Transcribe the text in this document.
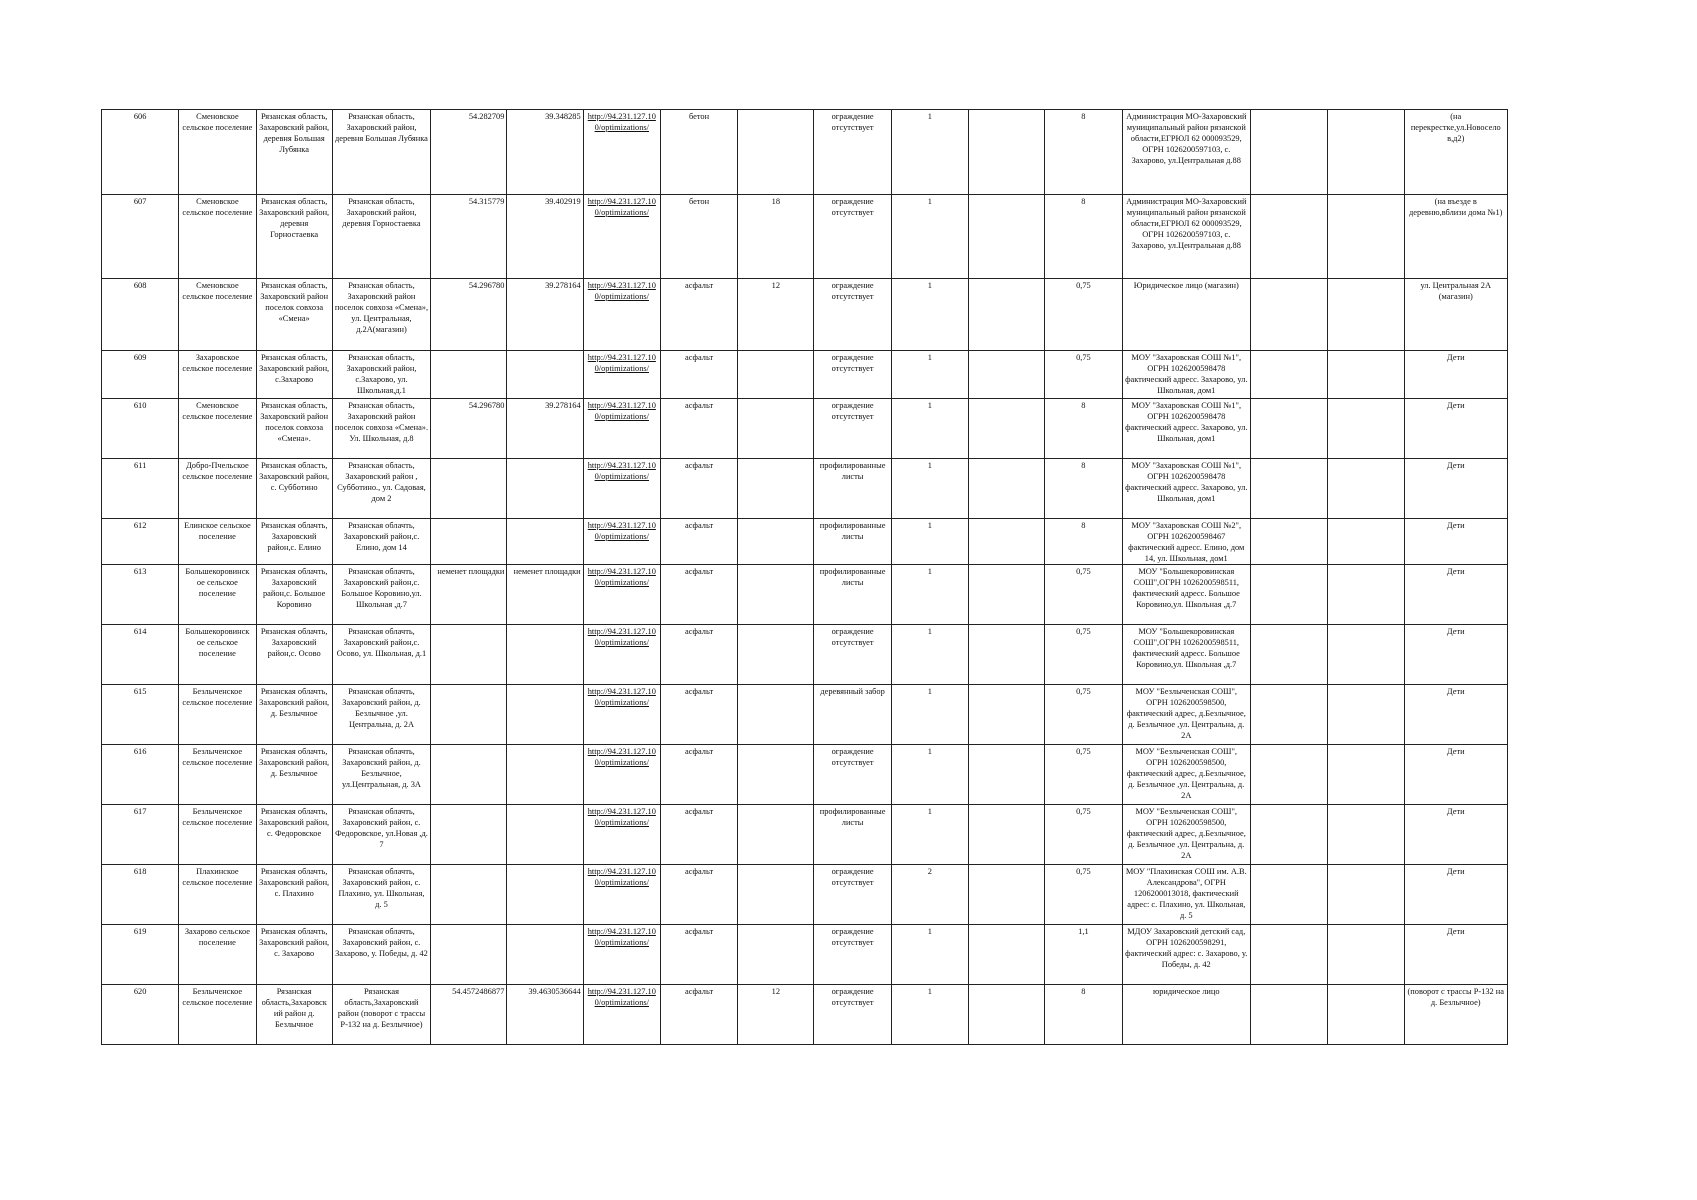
606	Сменовское сельское поселение	Рязанская область, Захаровский район, деревня Большая Лубянка	Рязанская область, Захаровский район, деревня Большая Лубянка	54.282709	39.348285	http://94.231.127.100/optimizations/	бетон		ограждение отсутствует	1		8	Администрация МО-Захаровский муниципальный район рязанской области,ЕГРЮЛ 62 000093529, ОГРН 1026200597103, с. Захарово, ул.Центральная д.88			(на перекрестке,ул.Новосело в,д2)
607	Сменовское сельское поселение	Рязанская область, Захаровский район, деревня Горностаевка	Рязанская область, Захаровский район, деревня Горностаевка	54.315779	39.402919	http://94.231.127.100/optimizations/	бетон	18	ограждение отсутствует	1		8	Администрация МО-Захаровский муниципальный район рязанской области,ЕГРЮЛ 62 000093529, ОГРН 1026200597103, с. Захарово, ул.Центральная д.88			(на въезде в деревню,вблизи дома №1)
608	Сменовское сельское поселение	Рязанская область, Захаровский район поселок совхоза «Смена»	Рязанская область, Захаровский район поселок совхоза «Смена», ул. Центральная, д.2А(магазин)	54.296780	39.278164	http://94.231.127.100/optimizations/	асфальт	12	ограждение отсутствует	1		0,75	Юридическое лицо (магазин)			ул. Центральная 2А (магазин)
609	Захаровское сельское поселение	Рязанская область, Захаровский район, с.Захарово	Рязанская область, Захаровский район, с.Захарово, ул. Школьная,д.1			http://94.231.127.100/optimizations/	асфальт		ограждение отсутствует	1		0,75	МОУ "Захаровская СОШ №1", ОГРН 1026200598478 фактический адресс. Захарово, ул. Школьная, дом1			Дети
610	Сменовское сельское поселение	Рязанская область, Захаровский район поселок совхоза «Смена».	Рязанская область, Захаровский район поселок совхоза «Смена». Ул. Школьная, д.8	54.296780	39.278164	http://94.231.127.100/optimizations/	асфальт		ограждение отсутствует	1		8	МОУ "Захаровская СОШ №1", ОГРН 1026200598478 фактический адресс. Захарово, ул. Школьная, дом1			Дети
611	Добро-Пчельское сельское поселение	Рязанская область, Захаровский район, с. Субботино	Рязанская область, Захаровский район , Субботино., ул. Садовая, дом 2			http://94.231.127.100/optimizations/	асфальт		профилированные листы	1		8	МОУ "Захаровская СОШ №1", ОГРН 1026200598478 фактический адресс. Захарово, ул. Школьная, дом1			Дети
612	Елинское сельское поселение	Рязанская облачть, Захаровский район,с. Елино	Рязанская облачть, Захаровский район,с. Елино, дом 14			http://94.231.127.100/optimizations/	асфальт		профилированные листы	1		8	МОУ "Захаровская СОШ №2", ОГРН 1026200598467 фактический адресс. Елино, дом 14, ул. Школьная, дом1			Дети
613	Большекоровинск ое сельское поселение	Рязанская облачть, Захаровский район,с. Большое Коровино	Рязанская облачть, Захаровский район,с. Большое Коровино,ул. Школьная ,д.7	неменет площадки	неменет площадки	http://94.231.127.100/optimizations/	асфальт		профилированные листы	1		0,75	МОУ "Большекоровинская СОШ",ОГРН 1026200598511, фактический адресс. Большое Коровино,ул. Школьная ,д.7			Дети
614	Большекоровинск ое сельское поселение	Рязанская облачть, Захаровский район,с. Осово	Рязанская облачть, Захаровский район,с. Осово, ул. Школьная, д.1			http://94.231.127.100/optimizations/	асфальт		ограждение отсутствует	1		0,75	МОУ "Большекоровинская СОШ",ОГРН 1026200598511, фактический адресс. Большое Коровино,ул. Школьная ,д.7			Дети
615	Безлыченское сельское поселение	Рязанская облачть, Захаровский район, д. Безлычное	Рязанская облачть, Захаровский район, д. Безлычное ,ул. Центральна, д. 2А			http://94.231.127.100/optimizations/	асфальт		деревянный забор	1		0,75	МОУ "Безлыченская СОШ", ОГРН 1026200598500, фактический адрес, д.Безлычное, д. Безлычное ,ул. Центральна, д. 2А			Дети
616	Безлыченское сельское поселение	Рязанская облачть, Захаровский район, д. Безлычное	Рязанская облачть, Захаровский район, д. Безлычное, ул.Центральная, д. 3А			http://94.231.127.100/optimizations/	асфальт		ограждение отсутствует	1		0,75	МОУ "Безлыченская СОШ", ОГРН 1026200598500, фактический адрес, д.Безлычное, д. Безлычное ,ул. Центральна, д. 2А			Дети
617	Безлыченское сельское поселение	Рязанская облачть, Захаровский район, с. Федоровское	Рязанская облачть, Захаровский район, с. Федоровское, ул.Новая ,д. 7			http://94.231.127.100/optimizations/	асфальт		профилированные листы	1		0,75	МОУ "Безлыченская СОШ", ОГРН 1026200598500, фактический адрес, д.Безлычное, д. Безлычное ,ул. Центральна, д. 2А			Дети
618	Плахинское сельское поселение	Рязанская облачть, Захаровский район, с. Плахино	Рязанская облачть, Захаровский район, с. Плахино, ул. Школьная, д. 5			http://94.231.127.100/optimizations/	асфальт		ограждение отсутствует	2		0,75	МОУ "Плахинская СОШ им. А.В. Александрова", ОГРН 1206200013018, фактический адрес: с. Плахино, ул. Школьная, д. 5			Дети
619	Захарово сельское поселение	Рязанская облачть, Захаровский район, с. Захарово	Рязанская облачть, Захаровский район, с. Захарово, у. Победы, д. 42			http://94.231.127.100/optimizations/	асфальт		ограждение отсутствует	1		1,1	МДОУ Захаровский детский сад, ОГРН 1026200598291, фактический адрес: с. Захарово, у. Победы, д. 42			Дети
620	Безлыченское сельское поселение	Рязанская область,Захаровск ий район д. Безлычное	Рязанская область,Захаровский район (поворот с трассы Р-132 на д. Безлычное)	54.4572486877	39.4630536644	http://94.231.127.100/optimizations/	асфальт	12	ограждение отсутствует	1		8	юридическое лицо			(поворот с трассы Р-132 на д. Безлычное)
